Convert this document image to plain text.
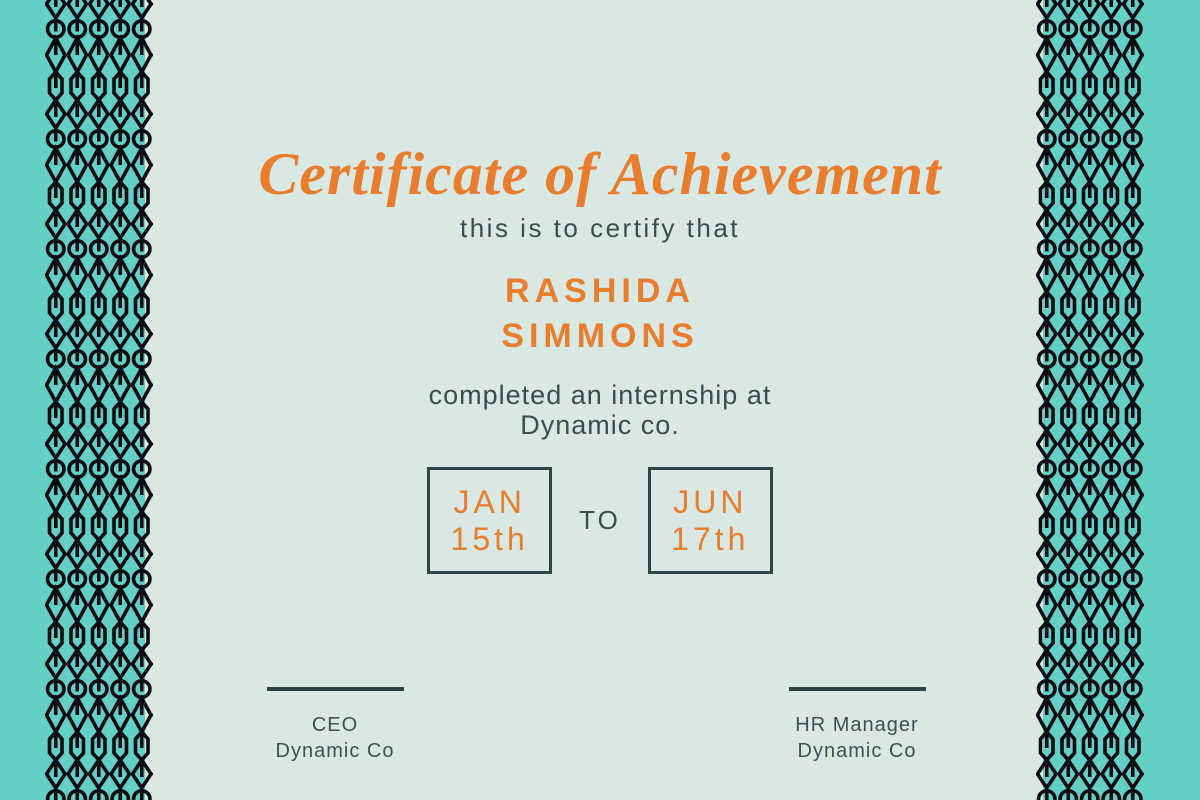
Certificate of Achievement
this is to certify that
RASHIDA
SIMMONS
completed an internship at
Dynamic co.
JAN
15th
TO
JUN
17th
CEO
Dynamic Co
HR Manager
Dynamic Co
